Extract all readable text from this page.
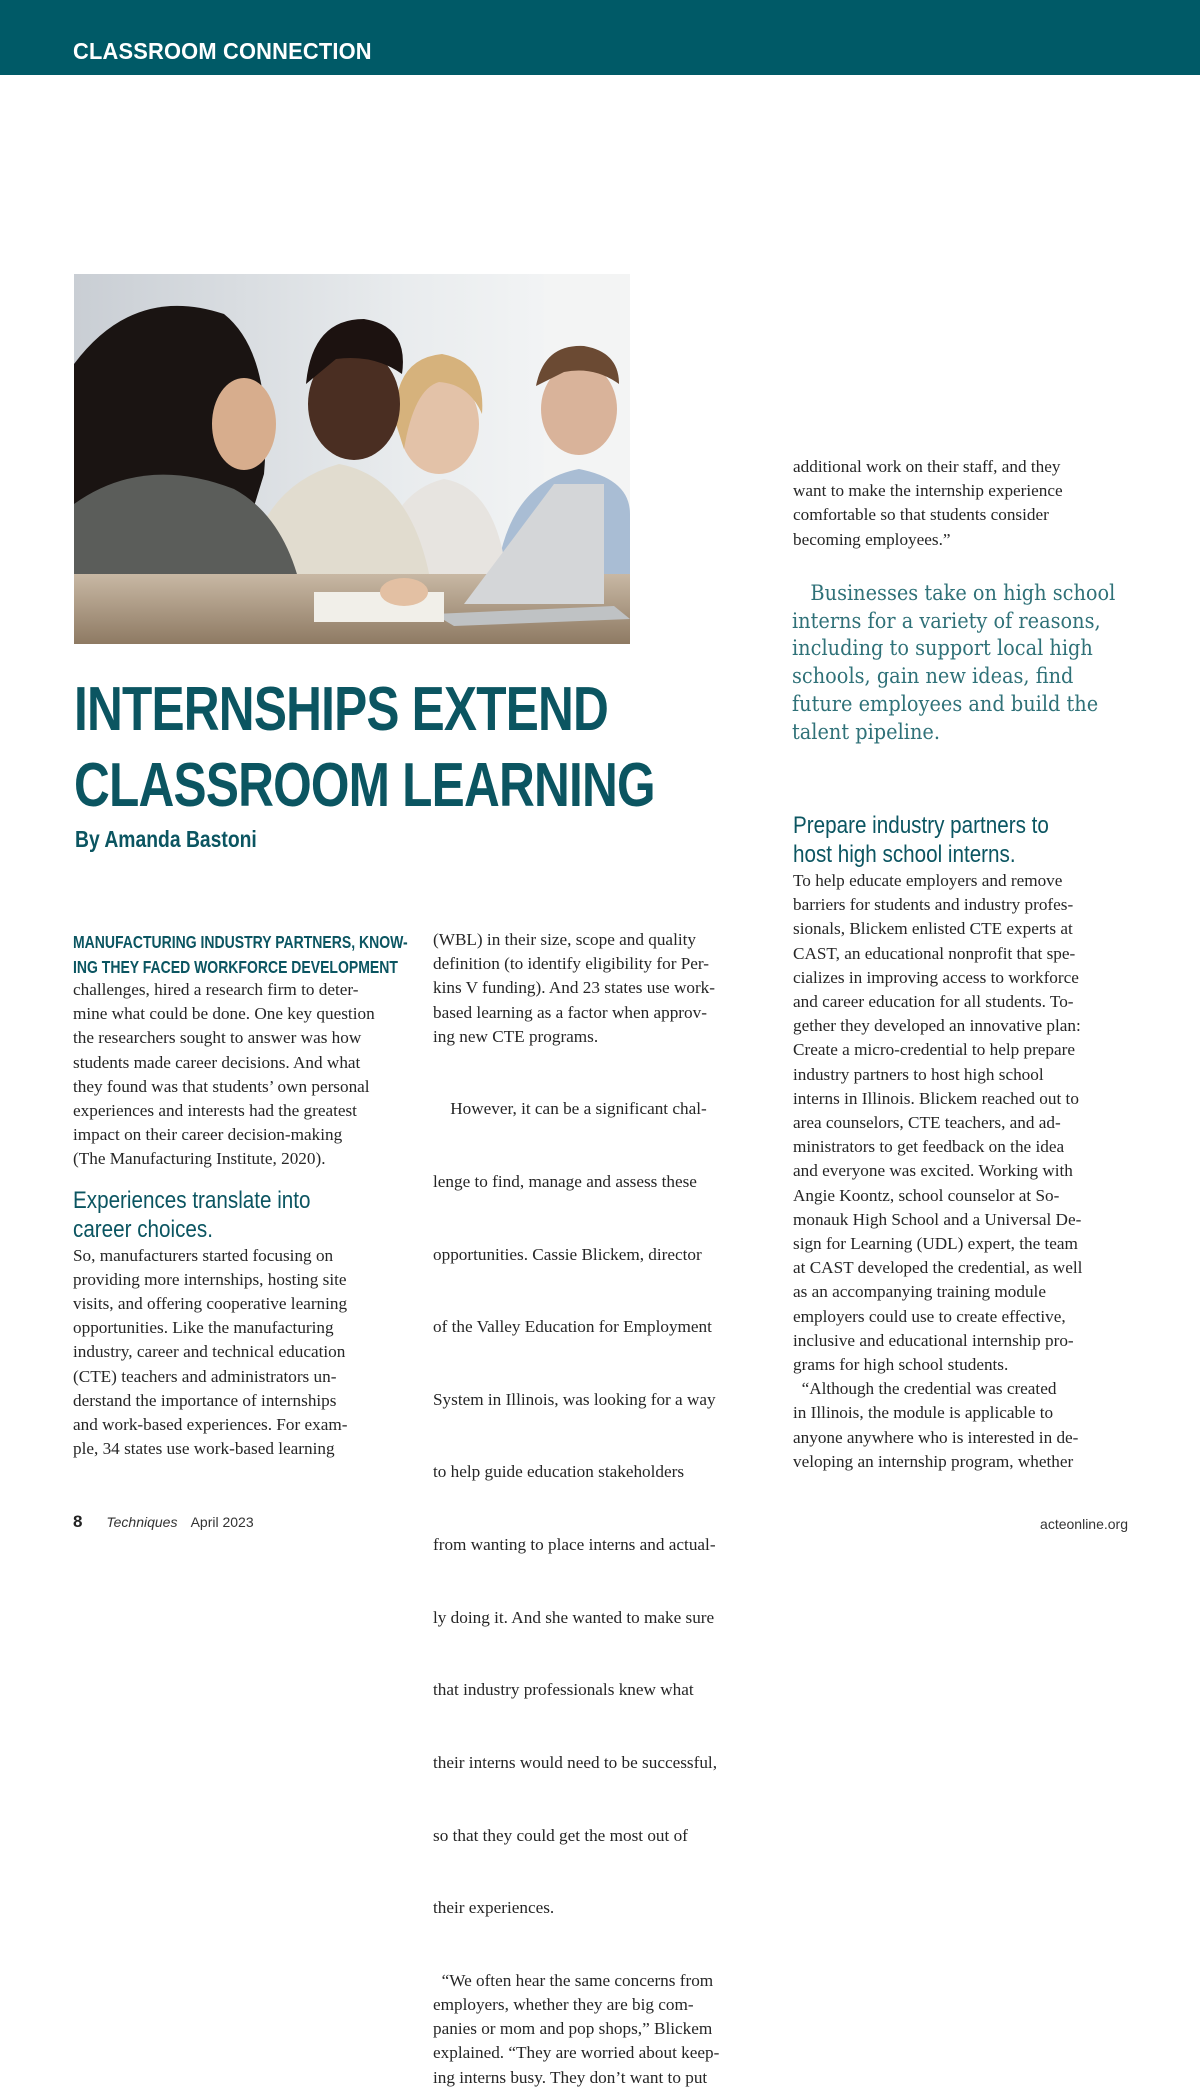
CLASSROOM CONNECTION
INTERNSHIPS EXTEND
CLASSROOM LEARNING
By Amanda Bastoni

MANUFACTURING INDUSTRY PARTNERS, KNOW-

ING THEY FACED WORKFORCE DEVELOPMENT

challenges, hired a research firm to deter-

mine what could be done. One key question

the researchers sought to answer was how

students made career decisions. And what

they found was that students’ own personal

experiences and interests had the greatest

impact on their career decision-making

(The Manufacturing Institute, 2020).

Experiences translate into

career choices.

So, manufacturers started focusing on

providing more internships, hosting site

visits, and offering cooperative learning

opportunities. Like the manufacturing

industry, career and technical education

(CTE) teachers and administrators un-

derstand the importance of internships

and work-based experiences. For exam-

ple, 34 states use work-based learning

(WBL) in their size, scope and quality

definition (to identify eligibility for Per-

kins V funding). And 23 states use work-

based learning as a factor when approv-

ing new CTE programs.

However, it can be a significant chal-

lenge to find, manage and assess these

opportunities. Cassie Blickem, director

of the Valley Education for Employment

System in Illinois, was looking for a way

to help guide education stakeholders

from wanting to place interns and actual-

ly doing it. And she wanted to make sure

that industry professionals knew what

their interns would need to be successful,

so that they could get the most out of

their experiences.

“We often hear the same concerns from

employers, whether they are big com-

panies or mom and pop shops,” Blickem

explained. “They are worried about keep-

ing interns busy. They don’t want to put

additional work on their staff, and they

want to make the internship experience

comfortable so that students consider

becoming employees.”

Businesses take on high school

interns for a variety of reasons,

including to support local high

schools, gain new ideas, find

future employees and build the

talent pipeline.

Prepare industry partners to

host high school interns.

To help educate employers and remove

barriers for students and industry profes-

sionals, Blickem enlisted CTE experts at

CAST, an educational nonprofit that spe-

cializes in improving access to workforce

and career education for all students. To-

gether they developed an innovative plan:

Create a micro-credential to help prepare

industry partners to host high school

interns in Illinois. Blickem reached out to

area counselors, CTE teachers, and ad-

ministrators to get feedback on the idea

and everyone was excited. Working with

Angie Koontz, school counselor at So-

monauk High School and a Universal De-

sign for Learning (UDL) expert, the team

at CAST developed the credential, as well

as an accompanying training module

employers could use to create effective,

inclusive and educational internship pro-

grams for high school students.

“Although the credential was created

in Illinois, the module is applicable to

anyone anywhere who is interested in de-

veloping an internship program, whether

8 Techniques April 2023	acteonline.org
